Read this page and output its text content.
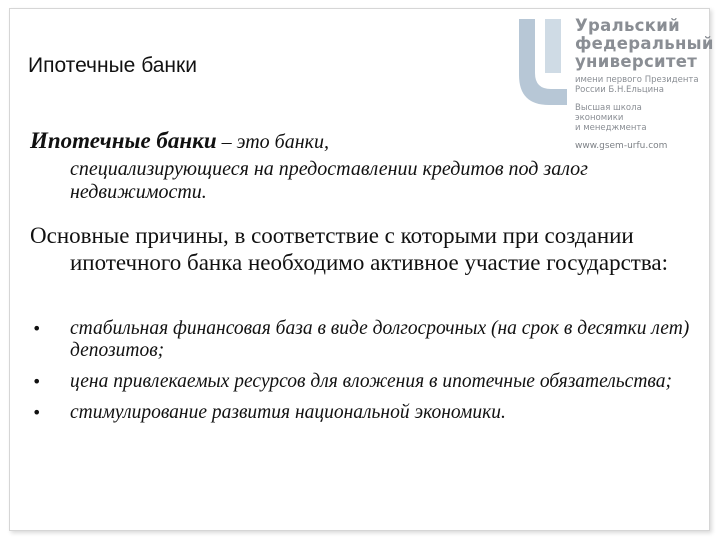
Уральский
федеральный
университет
имени первого Президента
России Б.Н.Ельцина
Высшая школа
экономики
и менеджмента
www.gsem-urfu.com
Ипотечные банки
Ипотечные банки – это банки,
специализирующиеся на предоставлении кредитов под залог недвижимости.
Основные причины, в соответствие с которыми при создании ипотечного банка необходимо активное участие государства:
• стабильная финансовая база в виде долгосрочных (на срок в десятки лет) депозитов;
• цена привлекаемых ресурсов для вложения в ипотечные обязательства;
• стимулирование развития национальной экономики.
